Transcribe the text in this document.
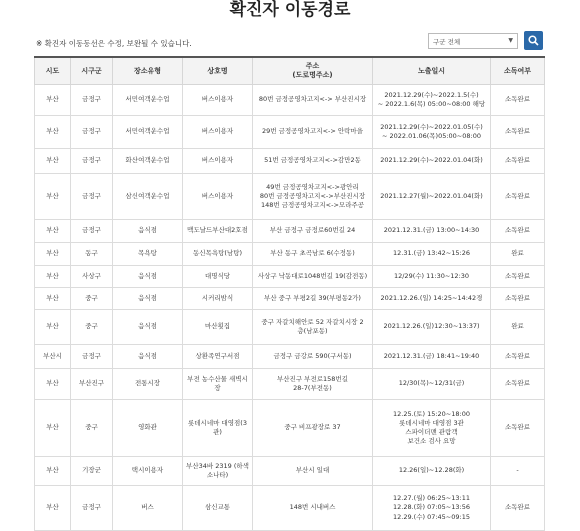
확진자 이동경로
※ 확진자 이동동선은 수정, 보완될 수 있습니다.	구군 전체	▼
시도	시구군	장소유형	상호명	주소
(도로명주소)	노출일시	소독여부
부산	금정구	서민여객운수업	버스이용자	80번 금정공영차고지<-> 부산진시장	2021.12.29(수)~2022.1.5(수)
~ 2022.1.6(목) 05:00~08:00 해당	소독완료
부산	금정구	서민여객운수업	버스이용자	29번 금정공영차고지<-> 안락마을	2021.12.29(수)~2022.01.05(수)
~ 2022.01.06(목)05:00~08:00	소독완료
부산	금정구	화산여객운수업	버스이용자	51번 금정공영차고지<->감만2동	2021.12.29(수)~2022.01.04(화)	소독완료
부산	금정구	삼신여객운수업	버스이용자	49번 금정공영차고지<->광안리
80번 금정공영차고지<->부산진시장
148번 금정공영차고지<->모라주공	2021.12.27(월)~2022.01.04(화)	소독완료
부산	금정구	음식점	맥도날드부산대2호점	부산 금정구 금정로60번길 24	2021.12.31.(금) 13:00~14:30	소독완료
부산	동구	목욕탕	동신목욕탕(남탕)	부산 동구 초곡남로 6(수정동)	12.31.(금) 13:42~15:26	완료
부산	사상구	음식점	대명식당	사상구 낙동대로1048번길 19(감전동)	12/29(수) 11:30~12:30	소독완료
부산	중구	음식점	시커리밤식	부산 중구 부평2길 39(부평동2가)	2021.12.26.(일) 14:25~14:42경	소독완료
부산	중구	음식점	마산횟집	중구 자갈치해안로 52 자갈치시장 2
층(남포동)	2021.12.26.(일)12:30~13:37)	완료
부산시	금정구	음식점	상환족연구서점	금정구 금강로 590(구서동)	2021.12.31.(금) 18:41~19:40	소독완료
부산	부산진구	전통시장	부전 농수산물 새벽시
장	부산진구 부전로158번길
28-7(부전동)	12/30(목)~12/31(금)	소독완료
부산	중구	영화관	롯데시네마 대영점(3
관)	중구 비프광장로 37	12.25.(토) 15:20~18:00
롯데시네마 대영점 3관
스파이더맨 관람객
보건소 검사 요망	소독완료
부산	기장군	택시이용자	부산34바 2319 (하색
소나타)	부산시 일대	12.26(일)~12.28(화)	-
부산	금정구	버스	삼신교통	148번 시내버스	12.27.(월) 06:25~13:11
12.28.(화) 07:05~13:56
12.29.(수) 07:45~09:15	소독완료
